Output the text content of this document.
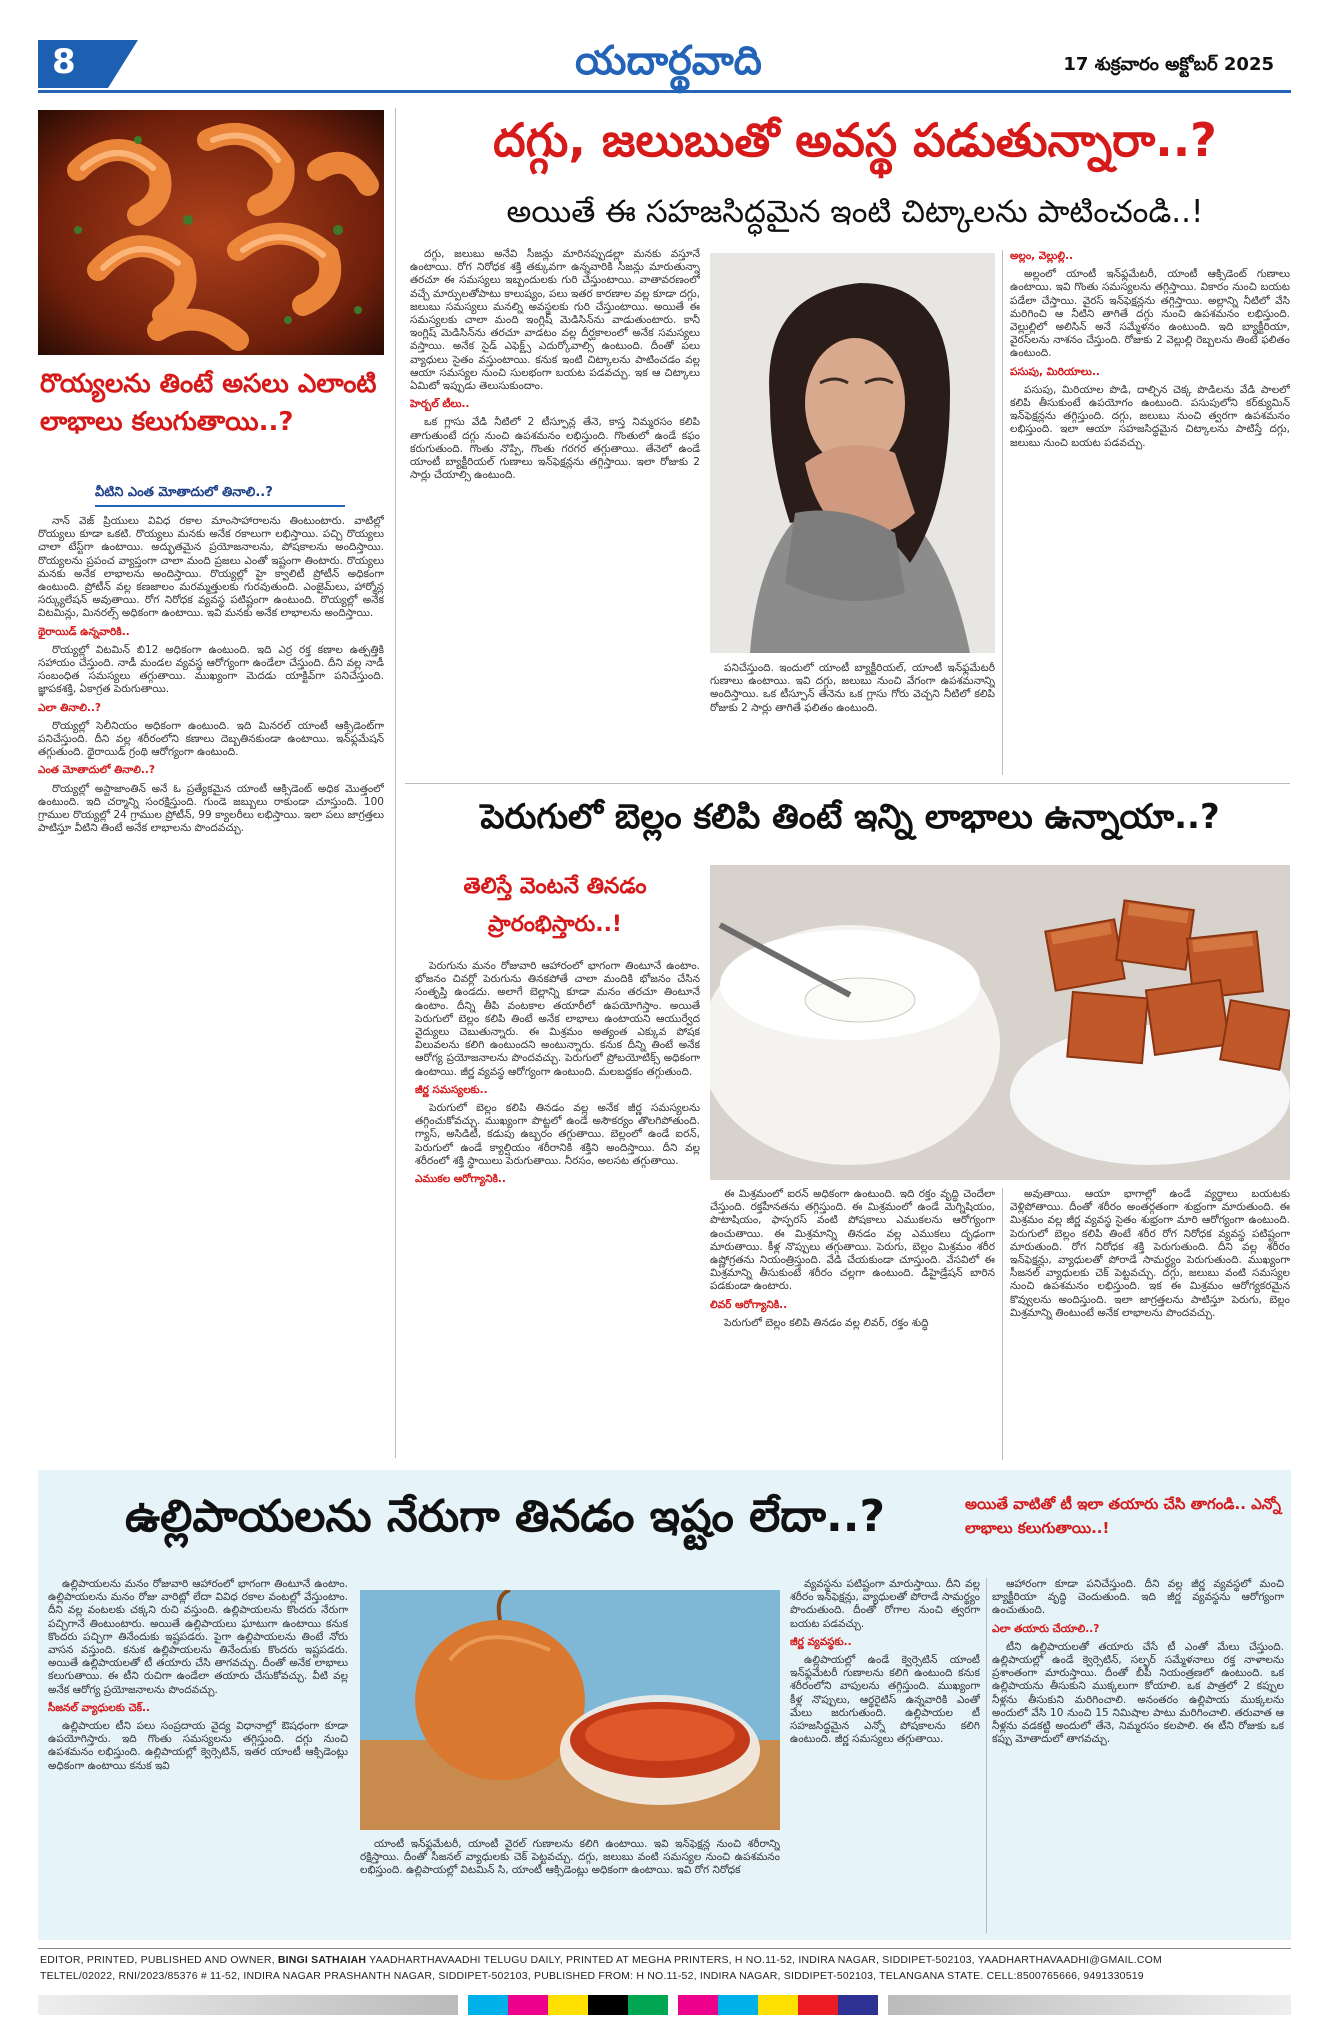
8	యదార్థవాది	17 శుక్రవారం అక్టోబర్ 2025
రొయ్యలను తింటే అసలు ఎలాంటి లాభాలు కలుగుతాయి..?
వీటిని ఎంత మోతాదులో తినాలి..?

నాన్ వెజ్ ప్రియులు వివిధ రకాల మాంసాహారాలను తింటుంటారు. వాటిల్లో రొయ్యలు కూడా ఒకటి. రొయ్యలు మనకు అనేక రకాలుగా లభిస్తాయి. పచ్చి రొయ్యలు చాలా టేస్ట్‌గా ఉంటాయి. అద్భుతమైన ప్రయోజనాలను, పోషకాలను అందిస్తాయి. రొయ్యలను ప్రపంచ వ్యాప్తంగా చాలా మంది ప్రజలు ఎంతో ఇష్టంగా తింటారు. రొయ్యలు మనకు అనేక లాభాలను అందిస్తాయి. రొయ్యల్లో హై క్వాలిటీ ప్రోటీన్ అధికంగా ఉంటుంది. ప్రోటీన్ వల్ల కణజాలం మరమ్మత్తులకు గురవుతుంది. ఎంజైమ్‌లు, హార్మోన్ల సర్క్యులేషన్ అవుతాయి. రోగ నిరోధక వ్యవస్థ పటిష్టంగా ఉంటుంది. రొయ్యల్లో అనేక విటమిన్లు, మినరల్స్ అధికంగా ఉంటాయి. ఇవి మనకు అనేక లాభాలను అందిస్తాయి.

థైరాయిడ్ ఉన్నవారికి..

రొయ్యల్లో విటమిన్ బి12 అధికంగా ఉంటుంది. ఇది ఎర్ర రక్త కణాల ఉత్పత్తికి సహాయం చేస్తుంది. నాడీ మండల వ్యవస్థ ఆరోగ్యంగా ఉండేలా చేస్తుంది. దీని వల్ల నాడీ సంబంధిత సమస్యలు తగ్గుతాయి. ముఖ్యంగా మెదడు యాక్టివ్‌గా పనిచేస్తుంది. జ్ఞాపకశక్తి, ఏకాగ్రత పెరుగుతాయి.

ఎలా తినాలి..?

రొయ్యల్లో సెలీనియం అధికంగా ఉంటుంది. ఇది మినరల్ యాంటీ ఆక్సిడెంట్‌గా పనిచేస్తుంది. దీని వల్ల శరీరంలోని కణాలు దెబ్బతినకుండా ఉంటాయి. ఇన్‌ఫ్లమేషన్ తగ్గుతుంది. థైరాయిడ్ గ్రంథి ఆరోగ్యంగా ఉంటుంది.

ఎంత మోతాదులో తినాలి..?

రొయ్యల్లో అస్టాజాంతిన్ అనే ఓ ప్రత్యేకమైన యాంటీ ఆక్సిడెంట్ అధిక మొత్తంలో ఉంటుంది. ఇది చర్మాన్ని సంరక్షిస్తుంది. గుండె జబ్బులు రాకుండా చూస్తుంది. 100 గ్రాముల రొయ్యల్లో 24 గ్రాముల ప్రోటీన్, 99 క్యాలరీలు లభిస్తాయి. ఇలా పలు జాగ్రత్తలు పాటిస్తూ వీటిని తింటే అనేక లాభాలను పొందవచ్చు.

దగ్గు, జలుబుతో అవస్థ పడుతున్నారా..?
అయితే ఈ సహజసిద్ధమైన ఇంటి చిట్కాలను పాటించండి..!

దగ్గు, జలుబు అనేవి సీజన్లు మారినప్పుడల్లా మనకు వస్తూనే ఉంటాయి. రోగ నిరోధక శక్తి తక్కువగా ఉన్నవారికి సీజన్లు మారుతున్నా తరచూ ఈ సమస్యలు ఇబ్బందులకు గురి చేస్తుంటాయి. వాతావరణంలో వచ్చే మార్పులతోపాటు కాలుష్యం, పలు ఇతర కారణాల వల్ల కూడా దగ్గు, జలుబు సమస్యలు మనల్ని అవస్థలకు గురి చేస్తుంటాయి. అయితే ఈ సమస్యలకు చాలా మంది ఇంగ్లిష్ మెడిసిన్‌ను వాడుతుంటారు. కానీ ఇంగ్లిష్ మెడిసిన్‌ను తరచూ వాడటం వల్ల దీర్ఘకాలంలో అనేక సమస్యలు వస్తాయి. అనేక సైడ్ ఎఫెక్ట్స్ ఎదుర్కోవాల్సి ఉంటుంది. దీంతో పలు వ్యాధులు సైతం వస్తుంటాయి. కనుక ఇంటి చిట్కాలను పాటించడం వల్ల ఆయా సమస్యల నుంచి సులభంగా బయట పడవచ్చు. ఇక ఆ చిట్కాలు ఏమిటో ఇప్పుడు తెలుసుకుందాం.

హెర్బల్ టీలు..

ఒక గ్లాసు వేడి నీటిలో 2 టీస్పూన్ల తేనె, కాస్త నిమ్మరసం కలిపి తాగుతుంటే దగ్గు నుంచి ఉపశమనం లభిస్తుంది. గొంతులో ఉండే కఫం కరుగుతుంది. గొంతు నొప్పి, గొంతు గరగర తగ్గుతాయి. తేనెలో ఉండే యాంటీ బ్యాక్టీరియల్ గుణాలు ఇన్‌ఫెక్షన్లను తగ్గిస్తాయి. ఇలా రోజుకు 2 సార్లు చేయాల్సి ఉంటుంది.

పనిచేస్తుంది. ఇందులో యాంటీ బ్యాక్టీరియల్, యాంటీ ఇన్‌ఫ్లమేటరీ గుణాలు ఉంటాయి. ఇవి దగ్గు, జలుబు నుంచి వేగంగా ఉపశమనాన్ని అందిస్తాయి. ఒక టీస్పూన్ తేనెను ఒక గ్లాసు గోరు వెచ్చని నీటిలో కలిపి రోజుకు 2 సార్లు తాగితే ఫలితం ఉంటుంది.

అల్లం, వెల్లుల్లి..

అల్లంలో యాంటీ ఇన్‌ఫ్లమేటరీ, యాంటీ ఆక్సిడెంట్ గుణాలు ఉంటాయి. ఇవి గొంతు సమస్యలను తగ్గిస్తాయి. వికారం నుంచి బయట పడేలా చేస్తాయి. వైరస్ ఇన్‌ఫెక్షన్లను తగ్గిస్తాయి. అల్లాన్ని నీటిలో వేసి మరిగించి ఆ నీటిని తాగితే దగ్గు నుంచి ఉపశమనం లభిస్తుంది. వెల్లుల్లిలో అలిసిన్ అనే సమ్మేళనం ఉంటుంది. ఇది బ్యాక్టీరియా, వైరస్‌లను నాశనం చేస్తుంది. రోజుకు 2 వెల్లుల్లి రెబ్బలను తింటే ఫలితం ఉంటుంది.

పసుపు, మిరియాలు..

పసుపు, మిరియాల పొడి, దాల్చిన చెక్క పొడిలను వేడి పాలలో కలిపి తీసుకుంటే ఉపయోగం ఉంటుంది. పసుపులోని కర్‌క్యుమిన్ ఇన్‌ఫెక్షన్లను తగ్గిస్తుంది. దగ్గు, జలుబు నుంచి త్వరగా ఉపశమనం లభిస్తుంది. ఇలా ఆయా సహజసిద్ధమైన చిట్కాలను పాటిస్తే దగ్గు, జలుబు నుంచి బయట పడవచ్చు.

పెరుగులో బెల్లం కలిపి తింటే ఇన్ని లాభాలు ఉన్నాయా..?
తెలిస్తే వెంటనే తినడం ప్రారంభిస్తారు..!

పెరుగును మనం రోజువారి ఆహారంలో భాగంగా తింటూనే ఉంటాం. భోజనం చివర్లో పెరుగును తినకపోతే చాలా మందికి భోజనం చేసిన సంతృప్తి ఉండదు. అలాగే బెల్లాన్ని కూడా మనం తరచూ తింటూనే ఉంటాం. దీన్ని తీపి వంటకాల తయారీలో ఉపయోగిస్తాం. అయితే పెరుగులో బెల్లం కలిపి తింటే అనేక లాభాలు ఉంటాయని ఆయుర్వేద వైద్యులు చెబుతున్నారు. ఈ మిశ్రమం అత్యంత ఎక్కువ పోషక విలువలను కలిగి ఉంటుందని అంటున్నారు. కనుక దీన్ని తింటే అనేక ఆరోగ్య ప్రయోజనాలను పొందవచ్చు. పెరుగులో ప్రోబయోటిక్స్ అధికంగా ఉంటాయి. జీర్ణ వ్యవస్థ ఆరోగ్యంగా ఉంటుంది. మలబద్దకం తగ్గుతుంది.

జీర్ణ సమస్యలకు..

పెరుగులో బెల్లం కలిపి తినడం వల్ల అనేక జీర్ణ సమస్యలను తగ్గించుకోవచ్చు. ముఖ్యంగా పొట్టలో ఉండే అసౌకర్యం తొలగిపోతుంది. గ్యాస్, అసిడిటీ, కడుపు ఉబ్బరం తగ్గుతాయి. బెల్లంలో ఉండే ఐరన్, పెరుగులో ఉండే క్యాల్షియం శరీరానికి శక్తిని అందిస్తాయి. దీని వల్ల శరీరంలో శక్తి స్థాయిలు పెరుగుతాయి. నీరసం, అలసట తగ్గుతాయి.

ఎముకల ఆరోగ్యానికి..

ఈ మిశ్రమంలో ఐరన్ అధికంగా ఉంటుంది. ఇది రక్తం వృద్ధి చెందేలా చేస్తుంది. రక్తహీనతను తగ్గిస్తుంది. ఈ మిశ్రమంలో ఉండే మెగ్నిషియం, పొటాషియం, ఫాస్ఫరస్ వంటి పోషకాలు ఎముకలను ఆరోగ్యంగా ఉంచుతాయి. ఈ మిశ్రమాన్ని తినడం వల్ల ఎముకలు దృఢంగా మారుతాయి. కీళ్ల నొప్పులు తగ్గుతాయి. పెరుగు, బెల్లం మిశ్రమం శరీర ఉష్ణోగ్రతను నియంత్రిస్తుంది. వేడి చేయకుండా చూస్తుంది. వేసవిలో ఈ మిశ్రమాన్ని తీసుకుంటే శరీరం చల్లగా ఉంటుంది. డీహైడ్రేషన్ బారిన పడకుండా ఉంటారు.

లివర్ ఆరోగ్యానికి..

పెరుగులో బెల్లం కలిపి తినడం వల్ల లివర్, రక్తం శుద్ధి

అవుతాయి. ఆయా భాగాల్లో ఉండే వ్యర్థాలు బయటకు వెళ్లిపోతాయి. దీంతో శరీరం అంతర్గతంగా శుభ్రంగా మారుతుంది. ఈ మిశ్రమం వల్ల జీర్ణ వ్యవస్థ సైతం శుభ్రంగా మారి ఆరోగ్యంగా ఉంటుంది. పెరుగులో బెల్లం కలిపి తింటే శరీర రోగ నిరోధక వ్యవస్థ పటిష్టంగా మారుతుంది. రోగ నిరోధక శక్తి పెరుగుతుంది. దీని వల్ల శరీరం ఇన్‌ఫెక్షన్లు, వ్యాధులతో పోరాడే సామర్థ్యం పెరుగుతుంది. ముఖ్యంగా సీజనల్ వ్యాధులకు చెక్ పెట్టవచ్చు. దగ్గు, జలుబు వంటి సమస్యల నుంచి ఉపశమనం లభిస్తుంది. ఇక ఈ మిశ్రమం ఆరోగ్యకరమైన కొవ్వులను అందిస్తుంది. ఇలా జాగ్రత్తలను పాటిస్తూ పెరుగు, బెల్లం మిశ్రమాన్ని తింటుంటే అనేక లాభాలను పొందవచ్చు.

ఉల్లిపాయలను నేరుగా తినడం ఇష్టం లేదా..?	అయితే వాటితో టీ ఇలా తయారు చేసి తాగండి.. ఎన్నో లాభాలు కలుగుతాయి..!

ఉల్లిపాయలను మనం రోజువారి ఆహారంలో భాగంగా తింటూనే ఉంటాం. ఉల్లిపాయలను మనం రోజు వారిట్లో లేదా వివిధ రకాల వంటల్లో వేస్తుంటాం. దీని వల్ల వంటలకు చక్కని రుచి వస్తుంది. ఉల్లిపాయలను కొందరు నేరుగా పచ్చిగానే తింటుంటారు. అయితే ఉల్లిపాయలు ఘాటుగా ఉంటాయి కనుక కొందరు పచ్చిగా తినేందుకు ఇష్టపడరు. పైగా ఉల్లిపాయలను తింటే నోరు వాసన వస్తుంది. కనుక ఉల్లిపాయలను తినేందుకు కొందరు ఇష్టపడరు. అయితే ఉల్లిపాయలతో టీ తయారు చేసి తాగవచ్చు. దీంతో అనేక లాభాలు కలుగుతాయి. ఈ టీని రుచిగా ఉండేలా తయారు చేసుకోవచ్చు. వీటి వల్ల అనేక ఆరోగ్య ప్రయోజనాలను పొందవచ్చు.

సీజనల్ వ్యాధులకు చెక్..

ఉల్లిపాయల టీని పలు సంప్రదాయ వైద్య విధానాల్లో ఔషధంగా కూడా ఉపయోగిస్తారు. ఇది గొంతు సమస్యలను తగ్గిస్తుంది. దగ్గు నుంచి ఉపశమనం లభిస్తుంది. ఉల్లిపాయల్లో క్వెర్సెటిన్, ఇతర యాంటీ ఆక్సిడెంట్లు అధికంగా ఉంటాయి కనుక ఇవి

యాంటీ ఇన్‌ఫ్లమేటరీ, యాంటీ వైరల్ గుణాలను కలిగి ఉంటాయి. ఇవి ఇన్‌ఫెక్షన్ల నుంచి శరీరాన్ని రక్షిస్తాయి. దీంతో సీజనల్ వ్యాధులకు చెక్ పెట్టవచ్చు. దగ్గు, జలుబు వంటి సమస్యల నుంచి ఉపశమనం లభిస్తుంది. ఉల్లిపాయల్లో విటమిన్ సి, యాంటీ ఆక్సిడెంట్లు అధికంగా ఉంటాయి. ఇవి రోగ నిరోధక

వ్యవస్థను పటిష్టంగా మారుస్తాయి. దీని వల్ల శరీరం ఇన్‌ఫెక్షన్లు, వ్యాధులతో పోరాడే సామర్థ్యం పొందుతుంది. దీంతో రోగాల నుంచి త్వరగా బయట పడవచ్చు.

జీర్ణ వ్యవస్థకు..

ఉల్లిపాయల్లో ఉండే క్వెర్సెటిన్ యాంటీ ఇన్‌ఫ్లమేటరీ గుణాలను కలిగి ఉంటుంది కనుక శరీరంలోని వాపులను తగ్గిస్తుంది. ముఖ్యంగా కీళ్ల నొప్పులు, ఆర్థరైటిస్ ఉన్నవారికి ఎంతో మేలు జరుగుతుంది. ఉల్లిపాయల టీ సహజసిద్ధమైన ఎన్నో పోషకాలను కలిగి ఉంటుంది. జీర్ణ సమస్యలు తగ్గుతాయి.

ఆహారంగా కూడా పనిచేస్తుంది. దీని వల్ల జీర్ణ వ్యవస్థలో మంచి బ్యాక్టీరియా వృద్ధి చెందుతుంది. ఇది జీర్ణ వ్యవస్థను ఆరోగ్యంగా ఉంచుతుంది.

ఎలా తయారు చేయాలి..?

టీని ఉల్లిపాయలతో తయారు చేసే టీ ఎంతో మేలు చేస్తుంది. ఉల్లిపాయల్లో ఉండే క్వెర్సెటిన్, సల్ఫర్ సమ్మేళనాలు రక్త నాళాలను ప్రశాంతంగా మారుస్తాయి. దీంతో బీపీ నియంత్రణలో ఉంటుంది. ఒక ఉల్లిపాయను తీసుకుని ముక్కలుగా కోయాలి. ఒక పాత్రలో 2 కప్పుల నీళ్లను తీసుకుని మరిగించాలి. అనంతరం ఉల్లిపాయ ముక్కలను అందులో వేసి 10 నుంచి 15 నిమిషాల పాటు మరిగించాలి. తరువాత ఆ నీళ్లను వడకట్టి అందులో తేనె, నిమ్మరసం కలపాలి. ఈ టీని రోజుకు ఒక కప్పు మోతాదులో తాగవచ్చు.

EDITOR, PRINTED, PUBLISHED AND OWNER, BINGI SATHAIAH YAADHARTHAVAADHI TELUGU DAILY, PRINTED AT MEGHA PRINTERS, H NO.11-52, INDIRA NAGAR, SIDDIPET-502103, YAADHARTHAVAADHI@GMAIL.COM
TELTEL/02022, RNI/2023/85376 # 11-52, INDIRA NAGAR PRASHANTH NAGAR, SIDDIPET-502103, PUBLISHED FROM: H NO.11-52, INDIRA NAGAR, SIDDIPET-502103, TELANGANA STATE. CELL:8500765666, 9491330519
